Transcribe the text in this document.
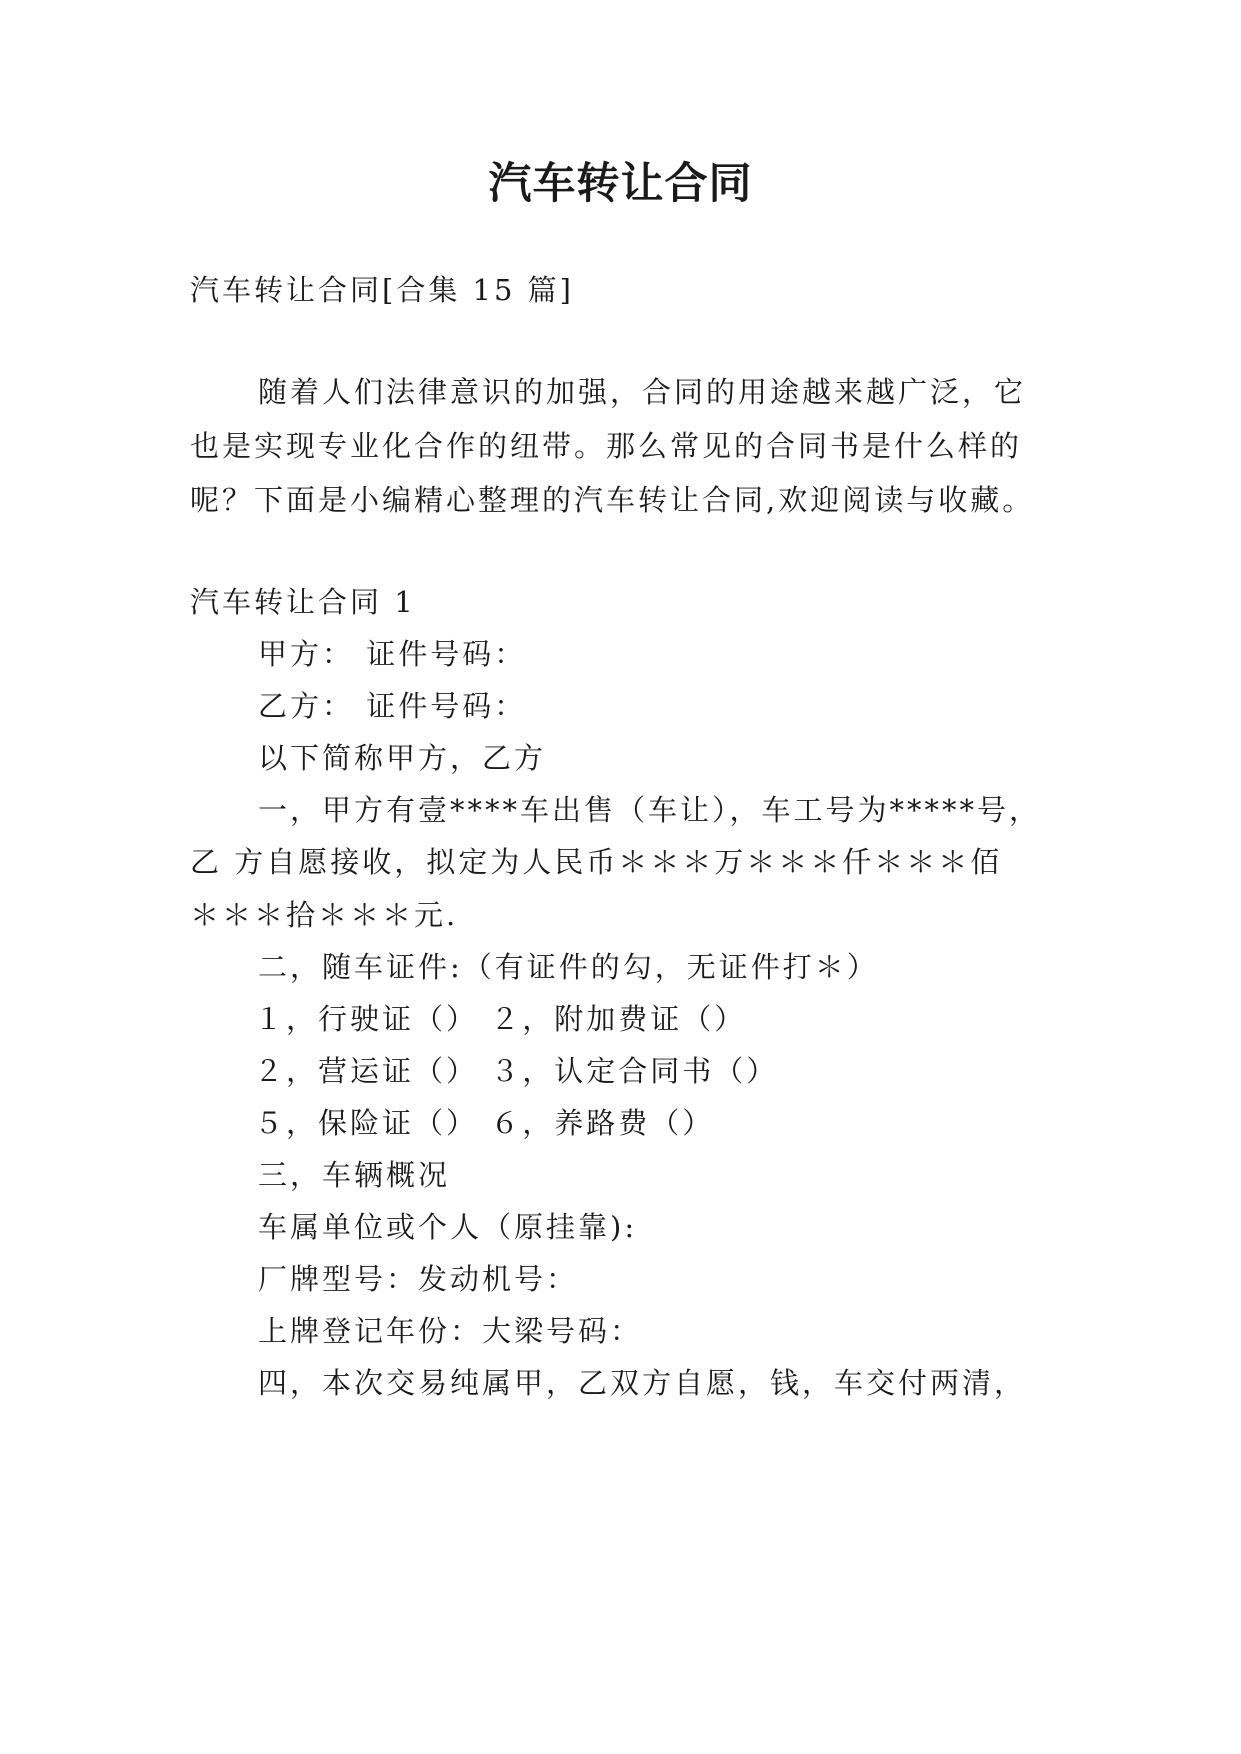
汽车转让合同

汽车转让合同[合集 15 篇]

随着人们法律意识的加强，合同的用途越来越广泛，它

也是实现专业化合作的纽带。那么常见的合同书是什么样的

呢？下面是小编精心整理的汽车转让合同,欢迎阅读与收藏。

汽车转让合同 1

甲方： 证件号码：

乙方： 证件号码：

以下简称甲方，乙方

一，甲方有壹****车出售（车让），车工号为*****号，

乙 方自愿接收，拟定为人民币＊＊＊万＊＊＊仟＊＊＊佰

＊＊＊拾＊＊＊元.

二，随车证件:（有证件的勾，无证件打＊）

１，行驶证（） ２，附加费证（）

２，营运证（） ３，认定合同书（）

５，保险证（） ６，养路费（）

三，车辆概况

车属单位或个人（原挂靠):

厂牌型号：发动机号：

上牌登记年份：大梁号码：

四，本次交易纯属甲，乙双方自愿，钱，车交付两清，
